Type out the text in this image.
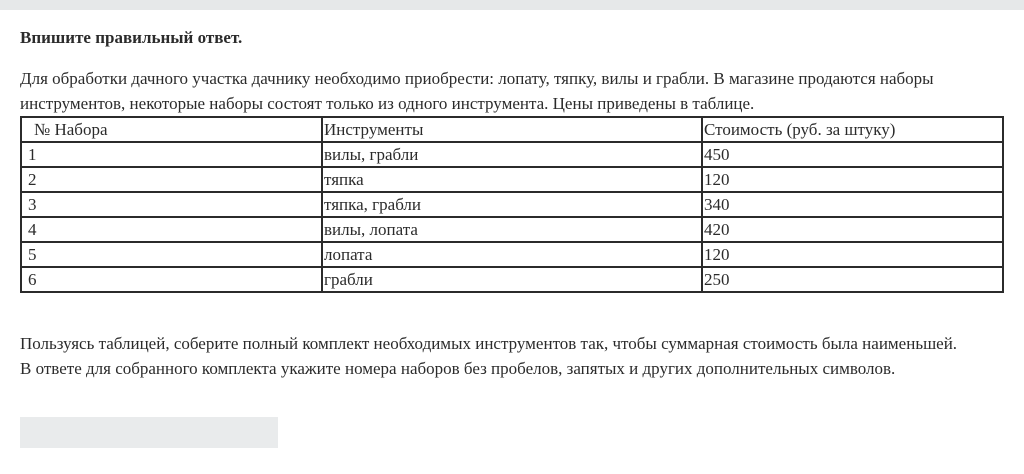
Впишите правильный ответ.

Для обработки дачного участка дачнику необходимо приобрести: лопату, тяпку, вилы и грабли. В магазине продаются наборы инструментов, некоторые наборы состоят только из одного инструмента. Цены приведены в таблице.

№ Набора	Инструменты	Стоимость (руб. за штуку)
1	вилы, грабли	450
2	тяпка	120
3	тяпка, грабли	340
4	вилы, лопата	420
5	лопата	120
6	грабли	250

Пользуясь таблицей, соберите полный комплект необходимых инструментов так, чтобы суммарная стоимость была наименьшей.
В ответе для собранного комплекта укажите номера наборов без пробелов, запятых и других дополнительных символов.
